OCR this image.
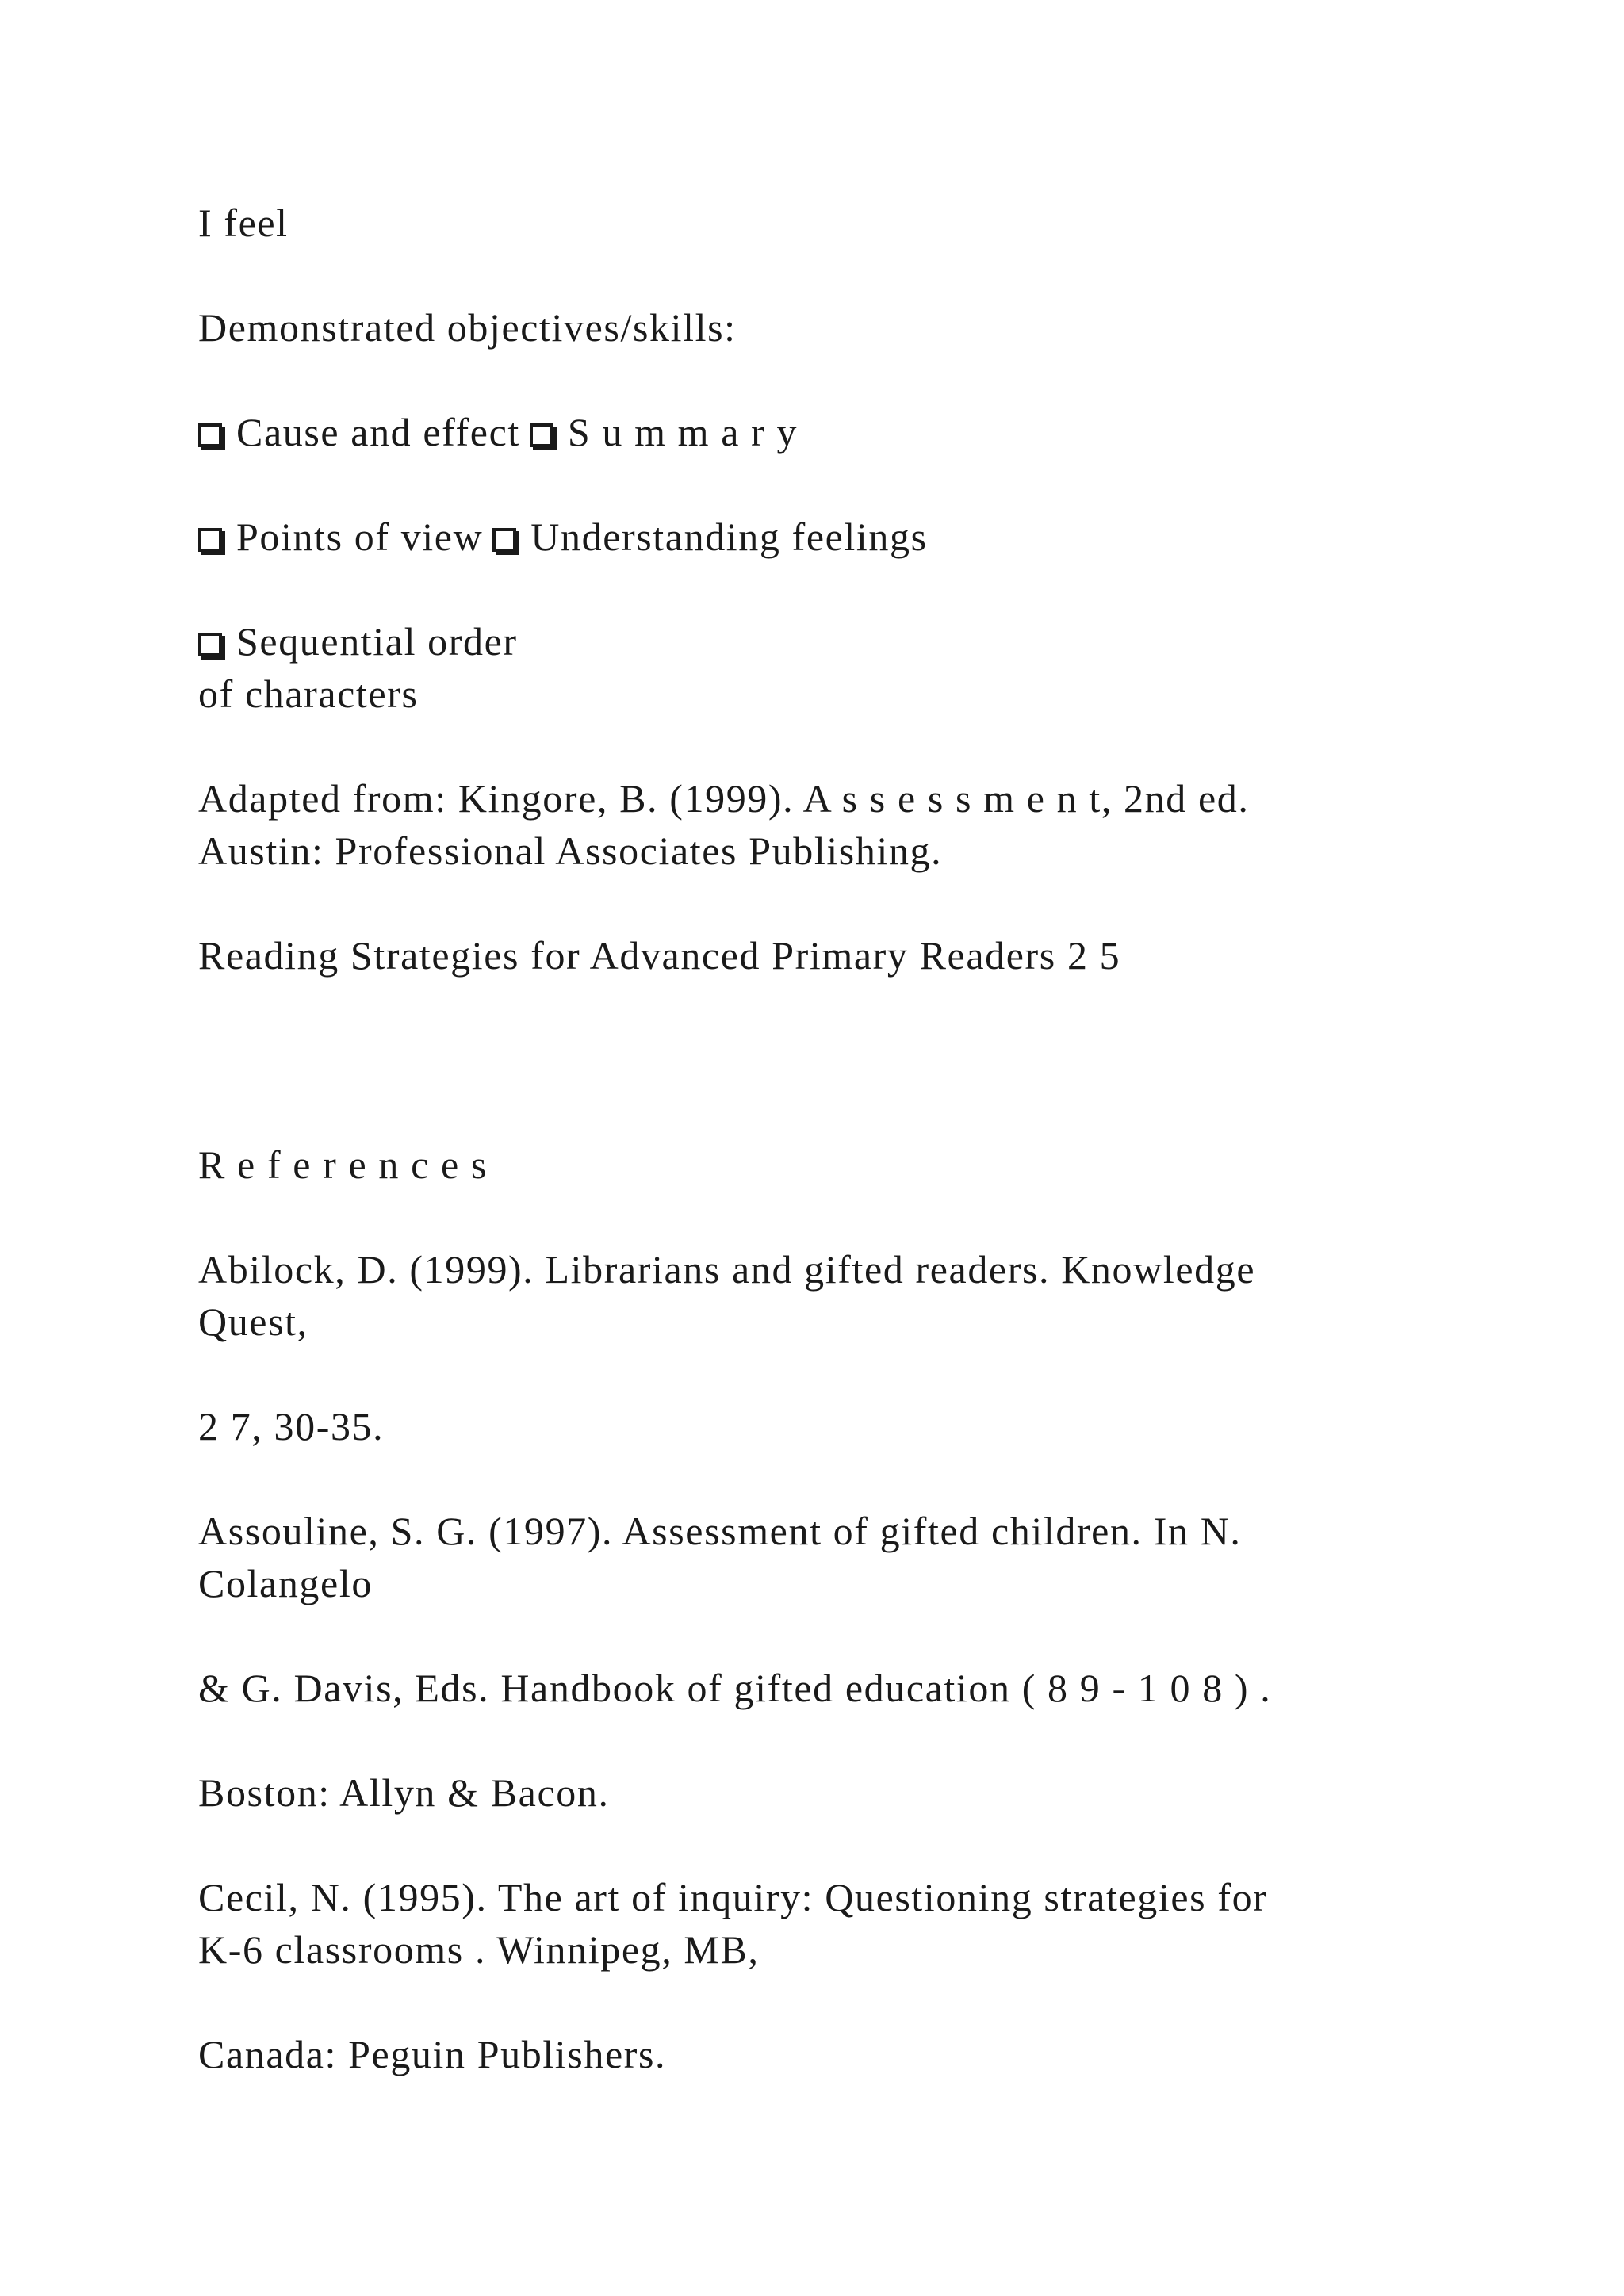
I feel
Demonstrated objectives/skills:
Cause and effect S u m m a r y
Points of view Understanding feelings
Sequential order
of characters
Adapted from: Kingore, B. (1999). A s s e s s m e n t, 2nd ed.
Austin: Professional Associates Publishing.
Reading Strategies for Advanced Primary Readers 2 5
R e f e r e n c e s
Abilock, D. (1999). Librarians and gifted readers. Knowledge
Quest,
2 7, 30-35.
Assouline, S. G. (1997). Assessment of gifted children. In N.
Colangelo
& G. Davis, Eds. Handbook of gifted education ( 8 9 - 1 0 8 ) .
Boston: Allyn & Bacon.
Cecil, N. (1995). The art of inquiry: Questioning strategies for
K-6 classrooms . Winnipeg, MB,
Canada: Peguin Publishers.
